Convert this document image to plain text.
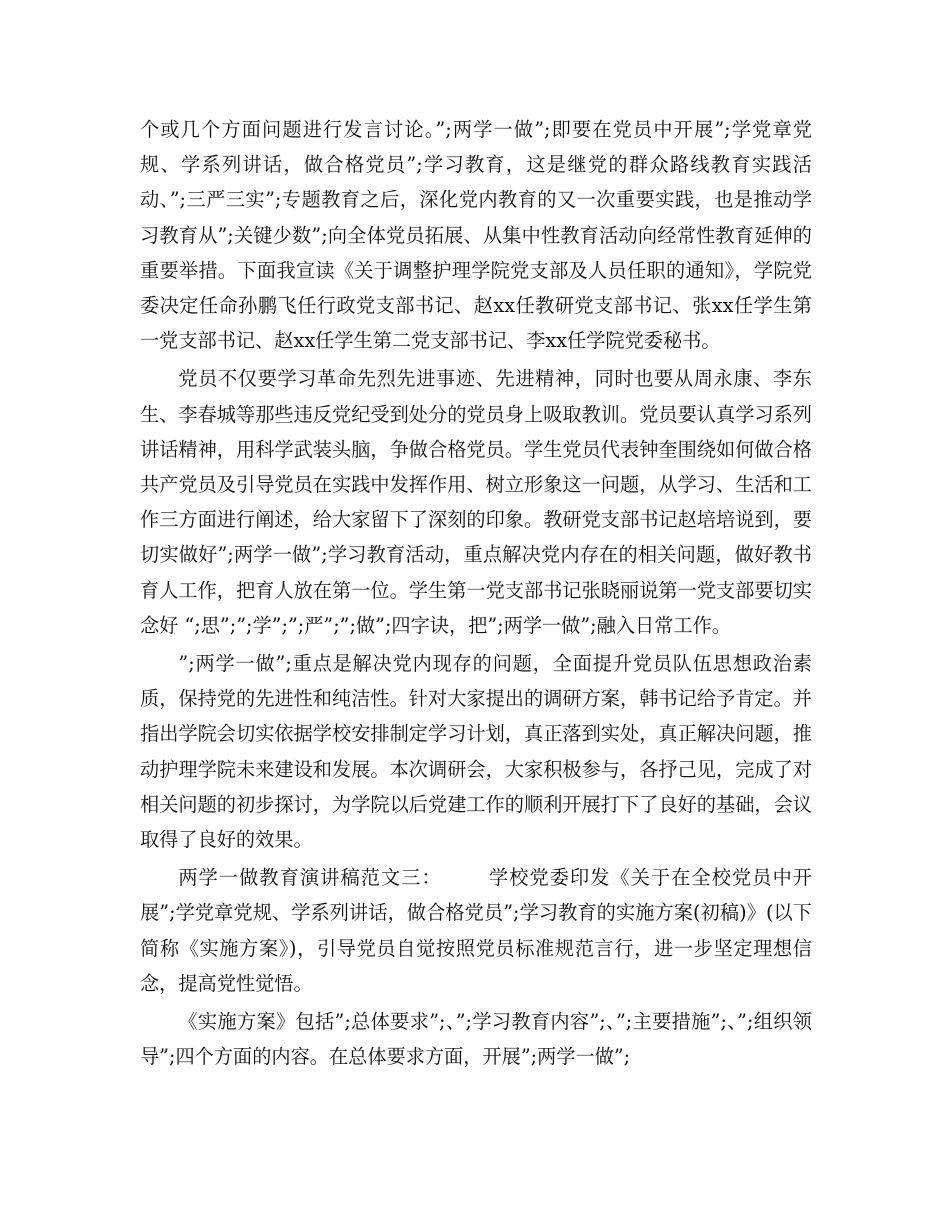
个或几个方面问题进行发言讨论。”;两学一做”;即要在党员中开展”;学党章党规、学系列讲话，做合格党员”;学习教育，这是继党的群众路线教育实践活动、”;三严三实”;专题教育之后，深化党内教育的又一次重要实践，也是推动学习教育从”;关键少数”;向全体党员拓展、从集中性教育活动向经常性教育延伸的重要举措。下面我宣读《关于调整护理学院党支部及人员任职的通知》，学院党委决定任命孙鹏飞任行政党支部书记、赵xx任教研党支部书记、张xx任学生第一党支部书记、赵xx任学生第二党支部书记、李xx任学院党委秘书。

党员不仅要学习革命先烈先进事迹、先进精神，同时也要从周永康、李东生、李春城等那些违反党纪受到处分的党员身上吸取教训。党员要认真学习系列讲话精神，用科学武装头脑，争做合格党员。学生党员代表钟奎围绕如何做合格共产党员及引导党员在实践中发挥作用、树立形象这一问题，从学习、生活和工作三方面进行阐述，给大家留下了深刻的印象。教研党支部书记赵培培说到，要切实做好”;两学一做”;学习教育活动，重点解决党内存在的相关问题，做好教书育人工作，把育人放在第一位。学生第一党支部书记张晓丽说第一党支部要切实念好 “;思”;”;学”;”;严”;”;做”;四字诀，把”;两学一做”;融入日常工作。

”;两学一做”;重点是解决党内现存的问题，全面提升党员队伍思想政治素质，保持党的先进性和纯洁性。针对大家提出的调研方案，韩书记给予肯定。并指出学院会切实依据学校安排制定学习计划，真正落到实处，真正解决问题，推动护理学院未来建设和发展。本次调研会，大家积极参与，各抒己见，完成了对相关问题的初步探讨，为学院以后党建工作的顺利开展打下了良好的基础，会议取得了良好的效果。

两学一做教育演讲稿范文三： 学校党委印发《关于在全校党员中开展”;学党章党规、学系列讲话，做合格党员”;学习教育的实施方案(初稿)》(以下简称《实施方案》)，引导党员自觉按照党员标准规范言行，进一步坚定理想信念，提高党性觉悟。

《实施方案》包括”;总体要求”;、”;学习教育内容”;、”;主要措施”;、”;组织领导”;四个方面的内容。在总体要求方面，开展”;两学一做”;
